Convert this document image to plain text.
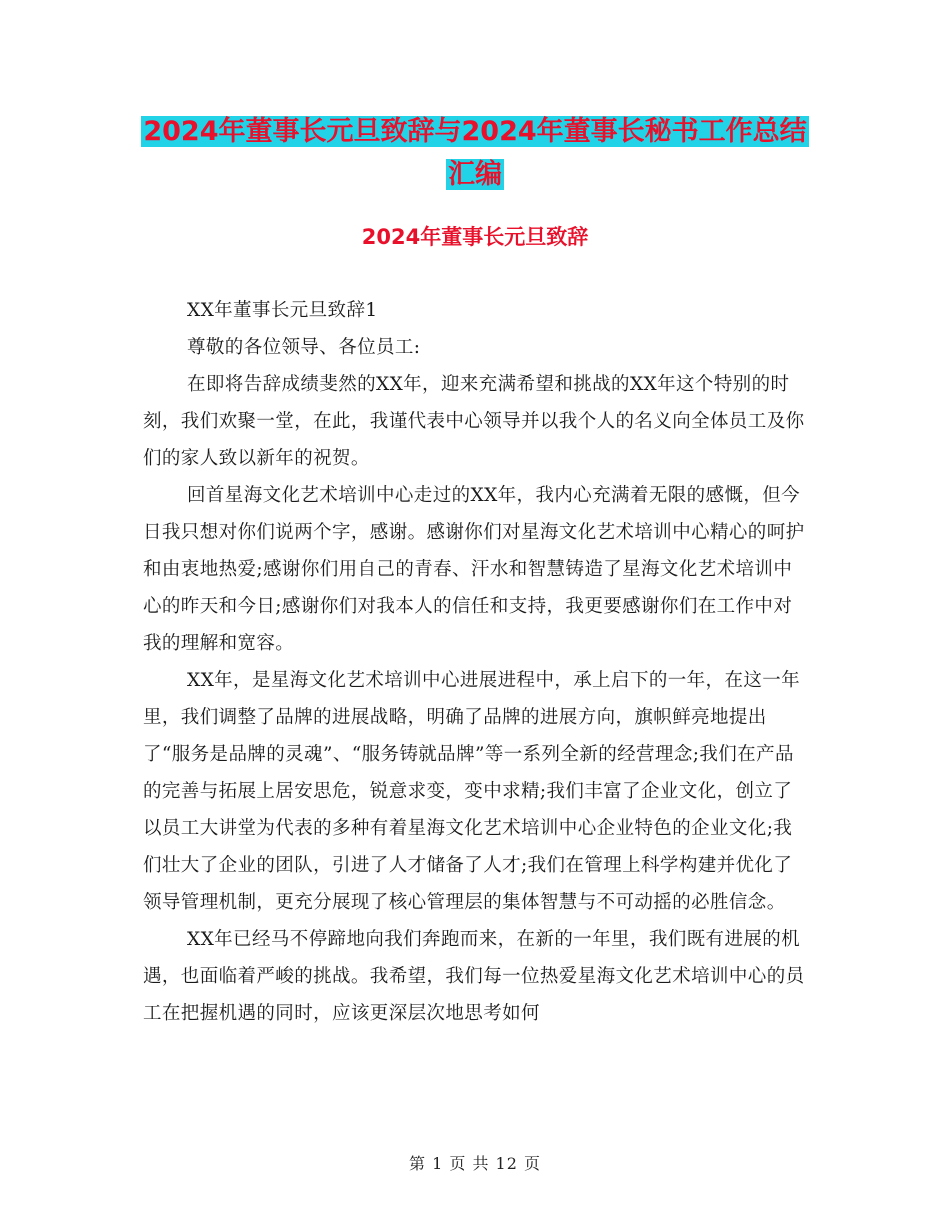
2024年董事长元旦致辞与2024年董事长秘书工作总结
汇编
2024年董事长元旦致辞

XX年董事长元旦致辞1

尊敬的各位领导、各位员工:

在即将告辞成绩斐然的XX年，迎来充满希望和挑战的XX年这个特别的时刻，我们欢聚一堂，在此，我谨代表中心领导并以我个人的名义向全体员工及你们的家人致以新年的祝贺。

回首星海文化艺术培训中心走过的XX年，我内心充满着无限的感慨，但今日我只想对你们说两个字，感谢。感谢你们对星海文化艺术培训中心精心的呵护和由衷地热爱;感谢你们用自己的青春、汗水和智慧铸造了星海文化艺术培训中心的昨天和今日;感谢你们对我本人的信任和支持，我更要感谢你们在工作中对我的理解和宽容。

XX年，是星海文化艺术培训中心进展进程中，承上启下的一年，在这一年里，我们调整了品牌的进展战略，明确了品牌的进展方向，旗帜鲜亮地提出了“服务是品牌的灵魂”、“服务铸就品牌”等一系列全新的经营理念;我们在产品的完善与拓展上居安思危，锐意求变，变中求精;我们丰富了企业文化，创立了以员工大讲堂为代表的多种有着星海文化艺术培训中心企业特色的企业文化;我们壮大了企业的团队，引进了人才储备了人才;我们在管理上科学构建并优化了领导管理机制，更充分展现了核心管理层的集体智慧与不可动摇的必胜信念。

XX年已经马不停蹄地向我们奔跑而来，在新的一年里，我们既有进展的机遇，也面临着严峻的挑战。我希望，我们每一位热爱星海文化艺术培训中心的员工在把握机遇的同时，应该更深层次地思考如何

第 1 页 共 12 页
